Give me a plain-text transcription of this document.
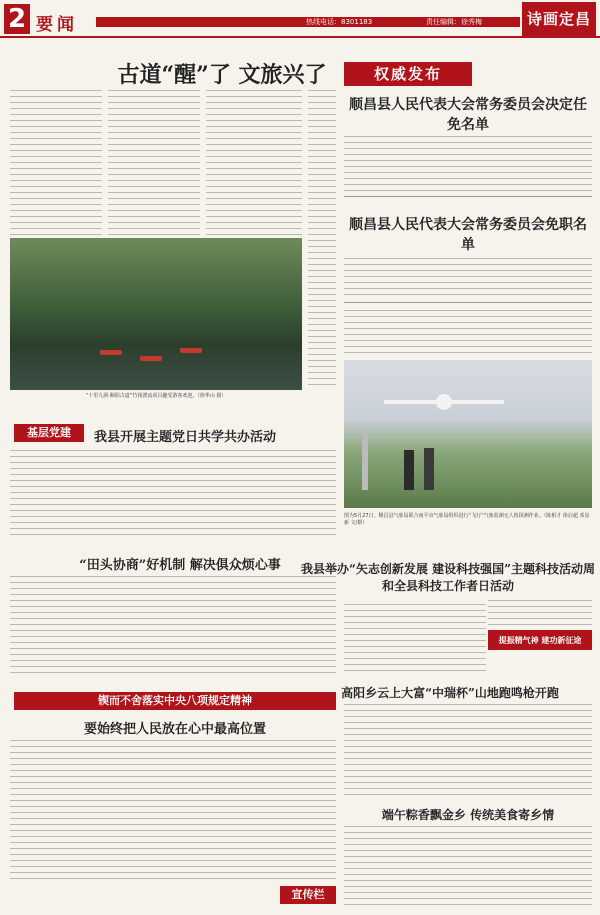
2 要闻	热线电话：8301183	责任编辑：徐秀梅	诗画定昌
古道“醒”了 文旅兴了
“十里九洞·顺阳古道”竹筏漂流项目趣受游客欢迎。（徐华山 摄）
权威发布
顺昌县人民代表大会常务委员会决定任免名单
顺昌县人民代表大会常务委员会免职名单
图为5月27日，顺昌县气象局联合南平市气象局组织进行“飞行”气象监测无人机探测作业。（陈相才 徐启超 邓显新 文/摄）
基层党建	我县开展主题党日共学共办活动
“田头协商”好机制 解决俱众烦心事	我县举办“矢志创新发展 建设科技强国”主题科技活动周和全县科技工作者日活动
提振精气神 建功新征途
高阳乡云上大富“中瑞杯”山地跑鸣枪开跑
锲而不舍落实中央八项规定精神
要始终把人民放在心中最高位置
宣传栏
端午粽香飘金乡 传统美食寄乡情
